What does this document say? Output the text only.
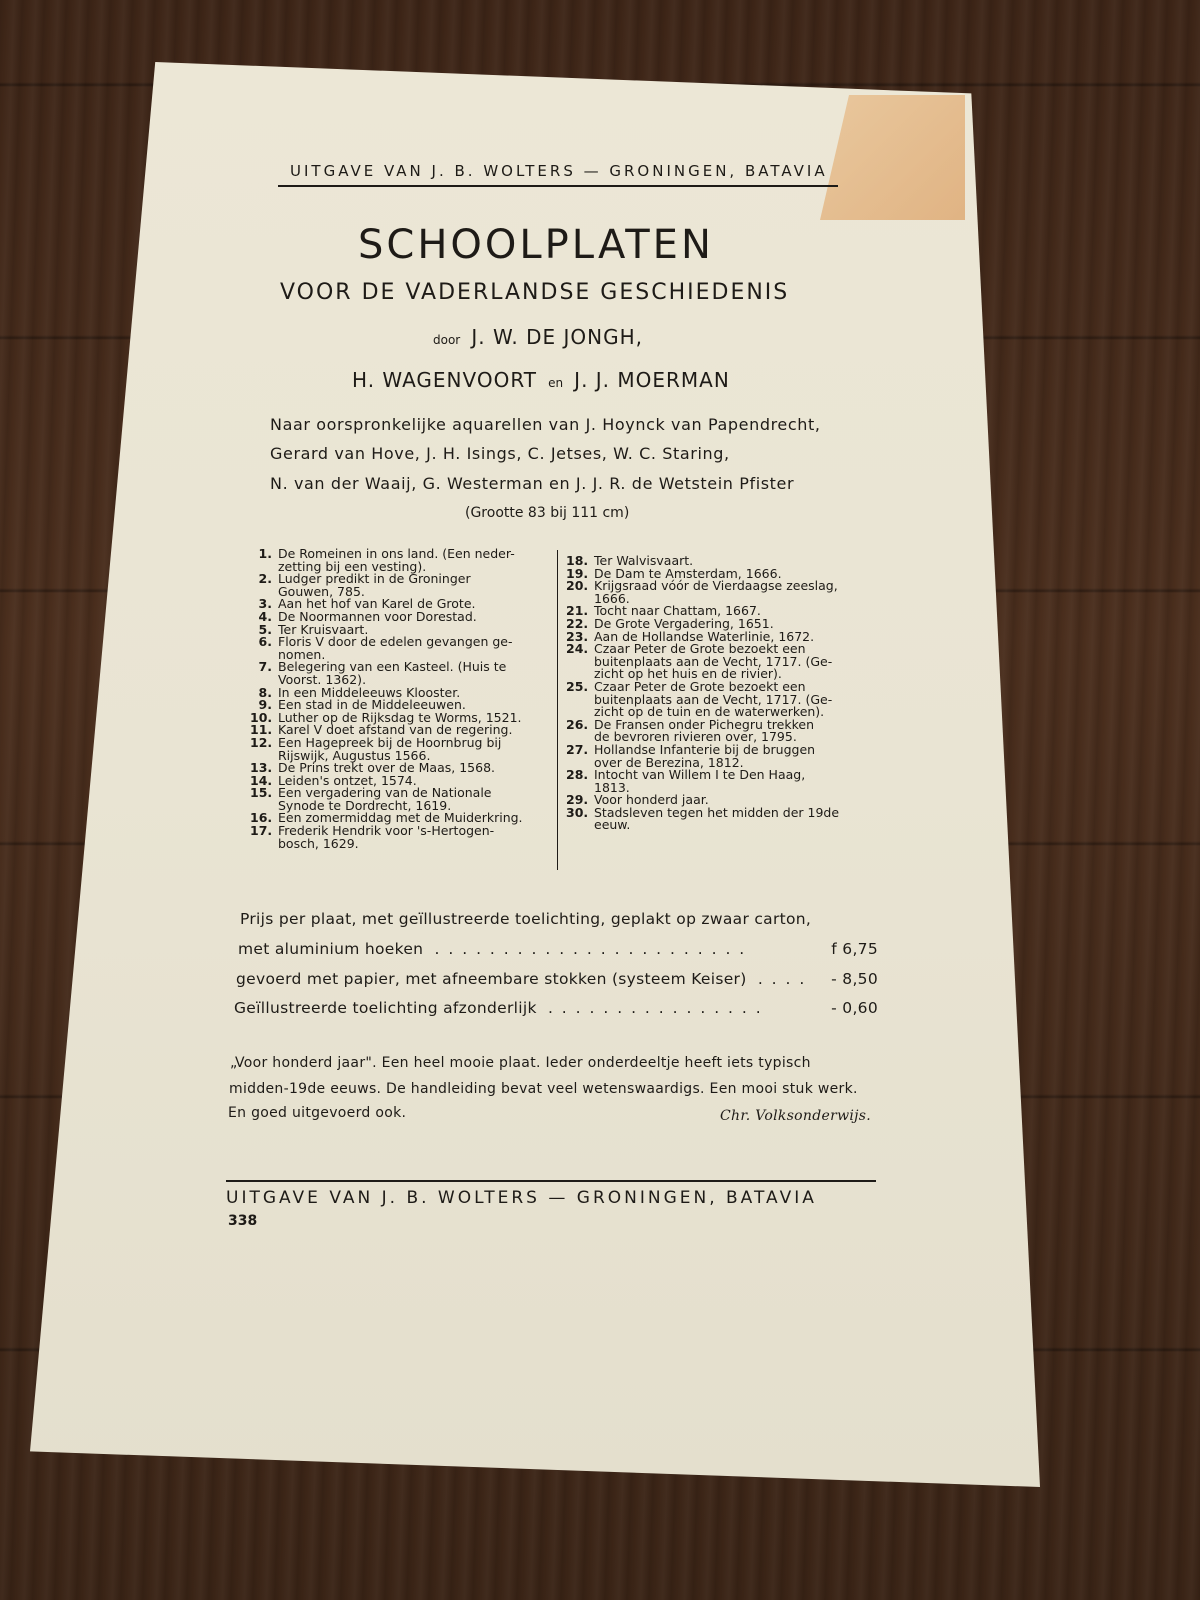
UITGAVE VAN J. B. WOLTERS — GRONINGEN, BATAVIA
SCHOOLPLATEN
VOOR DE VADERLANDSE GESCHIEDENIS
door J. W. DE JONGH,
H. WAGENVOORT en J. J. MOERMAN
Naar oorspronkelijke aquarellen van J. Hoynck van Papendrecht,
Gerard van Hove, J. H. Isings, C. Jetses, W. C. Staring,
N. van der Waaij, G. Westerman en J. J. R. de Wetstein Pfister
(Grootte 83 bij 111 cm)
1. De Romeinen in ons land. (Een neder-
zetting bij een vesting).
2. Ludger predikt in de Groninger
Gouwen, 785.
3. Aan het hof van Karel de Grote.
4. De Noormannen voor Dorestad.
5. Ter Kruisvaart.
6. Floris V door de edelen gevangen ge-
nomen.
7. Belegering van een Kasteel. (Huis te
Voorst. 1362).
8. In een Middeleeuws Klooster.
9. Een stad in de Middeleeuwen.
10. Luther op de Rijksdag te Worms, 1521.
11. Karel V doet afstand van de regering.
12. Een Hagepreek bij de Hoornbrug bij
Rijswijk, Augustus 1566.
13. De Prins trekt over de Maas, 1568.
14. Leiden's ontzet, 1574.
15. Een vergadering van de Nationale
Synode te Dordrecht, 1619.
16. Een zomermiddag met de Muiderkring.
17. Frederik Hendrik voor 's-Hertogen-
bosch, 1629.
18. Ter Walvisvaart.
19. De Dam te Amsterdam, 1666.
20. Krijgsraad vóór de Vierdaagse zeeslag,
1666.
21. Tocht naar Chattam, 1667.
22. De Grote Vergadering, 1651.
23. Aan de Hollandse Waterlinie, 1672.
24. Czaar Peter de Grote bezoekt een
buitenplaats aan de Vecht, 1717. (Ge-
zicht op het huis en de rivier).
25. Czaar Peter de Grote bezoekt een
buitenplaats aan de Vecht, 1717. (Ge-
zicht op de tuin en de waterwerken).
26. De Fransen onder Pichegru trekken
de bevroren rivieren over, 1795.
27. Hollandse Infanterie bij de bruggen
over de Berezina, 1812.
28. Intocht van Willem I te Den Haag,
1813.
29. Voor honderd jaar.
30. Stadsleven tegen het midden der 19de
eeuw.
Prijs per plaat, met geïllustreerde toelichting, geplakt op zwaar carton,
met aluminium hoeken . . . . . . . . . . . . . . . . . . . . . . .	f 6,75
gevoerd met papier, met afneembare stokken (systeem Keiser) . . . . - 8,50
Geïllustreerde toelichting afzonderlijk . . . . . . . . . . . . . . . .	- 0,60
„Voor honderd jaar". Een heel mooie plaat. Ieder onderdeeltje heeft iets typisch
midden-19de eeuws. De handleiding bevat veel wetenswaardigs. Een mooi stuk werk.
En goed uitgevoerd ook.	Chr. Volksonderwijs.
UITGAVE VAN J. B. WOLTERS — GRONINGEN, BATAVIA
338
